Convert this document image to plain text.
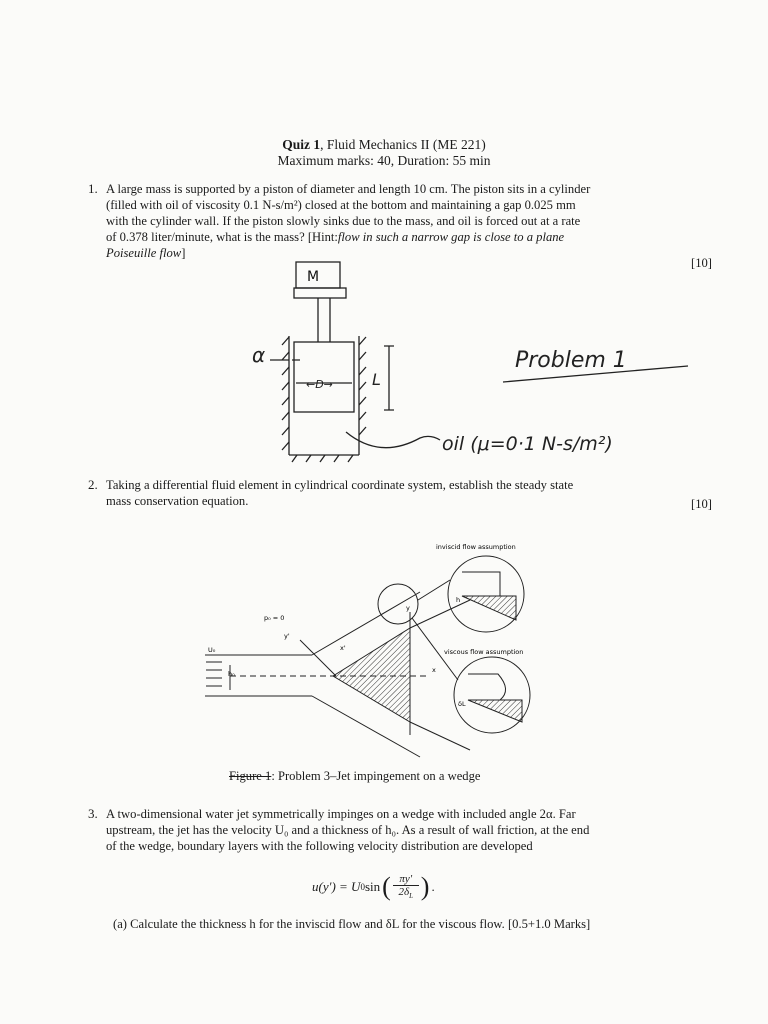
Quiz 1, Fluid Mechanics II (ME 221)
Maximum marks: 40, Duration: 55 min
1. A large mass is supported by a piston of diameter and length 10 cm. The piston sits in a cylinder
(filled with oil of viscosity 0.1 N-s/m²) closed at the bottom and maintaining a gap 0.025 mm
with the cylinder wall. If the piston slowly sinks due to the mass, and oil is forced out at a rate
of 0.378 liter/minute, what is the mass? [Hint:flow in such a narrow gap is close to a plane
Poiseuille flow]
[10]
M
α
←D→ L
Problem 1
oil (μ=0·1 N-s/m²)
2. Taking a differential fluid element in cylindrical coordinate system, establish the steady state
mass conservation equation.	[10]
inviscid flow assumption
viscous flow assumption
p₀ = 0
U₀
h₀	x
y
x'
y'
h
δL
Figure 1: Problem 3–Jet impingement on a wedge
3. A two-dimensional water jet symmetrically impinges on a wedge with included angle 2α. Far
upstream, the jet has the velocity U₀ and a thickness of h₀. As a result of wall friction, at the end
of the wedge, boundary layers with the following velocity distribution are developed
u(y′) = U 0 sin ( πy′
$2\delta_L$ ) .
(a) Calculate the thickness h for the inviscid flow and δL for the viscous flow. [0.5+1.0 Marks]
